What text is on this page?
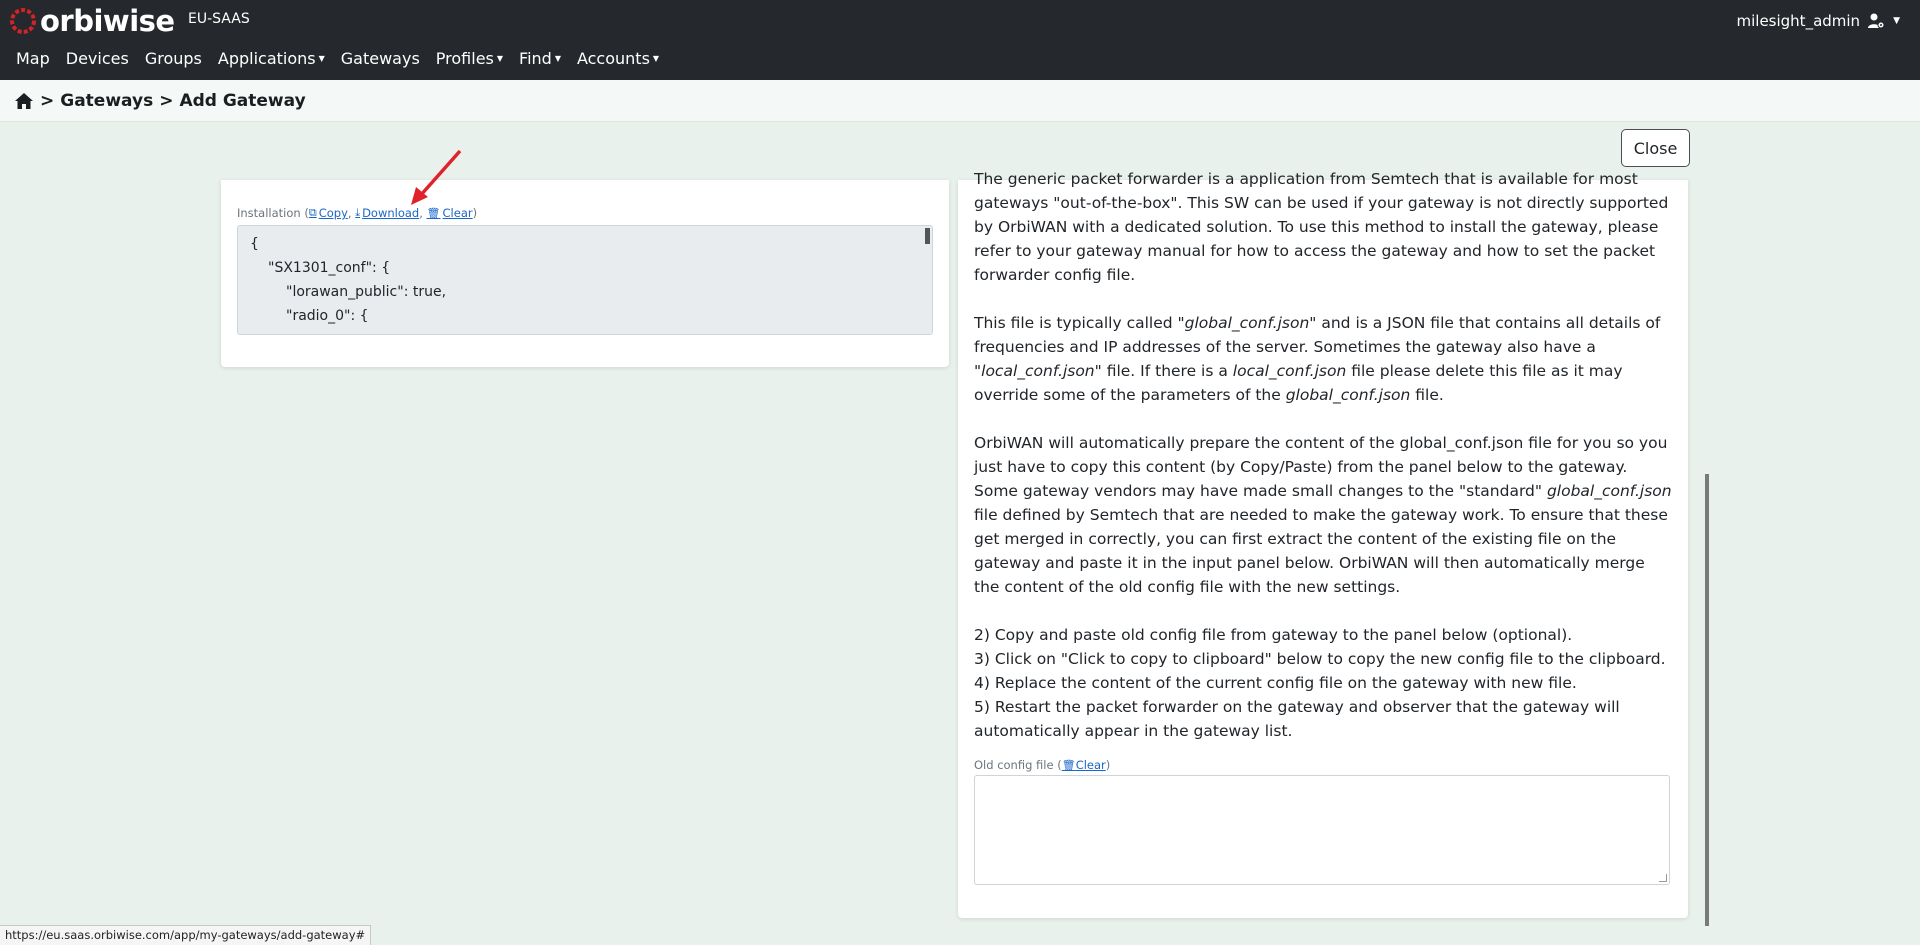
orbiwise EU-SAAS	milesight_admin	▼
Map Devices Groups Applications ▼ Gateways Profiles ▼ Find ▼ Accounts ▼
> Gateways > Add Gateway
Close
Installation ( ⧉ Copy ,
⤓ Download ,
🗑 Clear )
{
"SX1301_conf": {
"lorawan_public": true,
"radio_0": {

The generic packet forwarder is a application from Semtech that is available for most gateways "out-of-the-box". This SW can be used if your gateway is not directly supported by OrbiWAN with a dedicated solution. To use this method to install the gateway, please refer to your gateway manual for how to access the gateway and how to set the packet forwarder config file.

This file is typically called "global_conf.json" and is a JSON file that contains all details of frequencies and IP addresses of the server. Sometimes the gateway also have a "local_conf.json" file. If there is a local_conf.json file please delete this file as it may override some of the parameters of the global_conf.json file.

OrbiWAN will automatically prepare the content of the global_conf.json file for you so you just have to copy this content (by Copy/Paste) from the panel below to the gateway. Some gateway vendors may have made small changes to the "standard" global_conf.json file defined by Semtech that are needed to make the gateway work. To ensure that these get merged in correctly, you can first extract the content of the existing file on the gateway and paste it in the input panel below. OrbiWAN will then automatically merge the content of the old config file with the new settings.

2) Copy and paste old config file from gateway to the panel below (optional).
3) Click on "Click to copy to clipboard" below to copy the new config file to the clipboard.
4) Replace the content of the current config file on the gateway with new file.
5) Restart the packet forwarder on the gateway and observer that the gateway will automatically appear in the gateway list.
Old config file ( 🗑Clear )
https://eu.saas.orbiwise.com/app/my-gateways/add-gateway#
